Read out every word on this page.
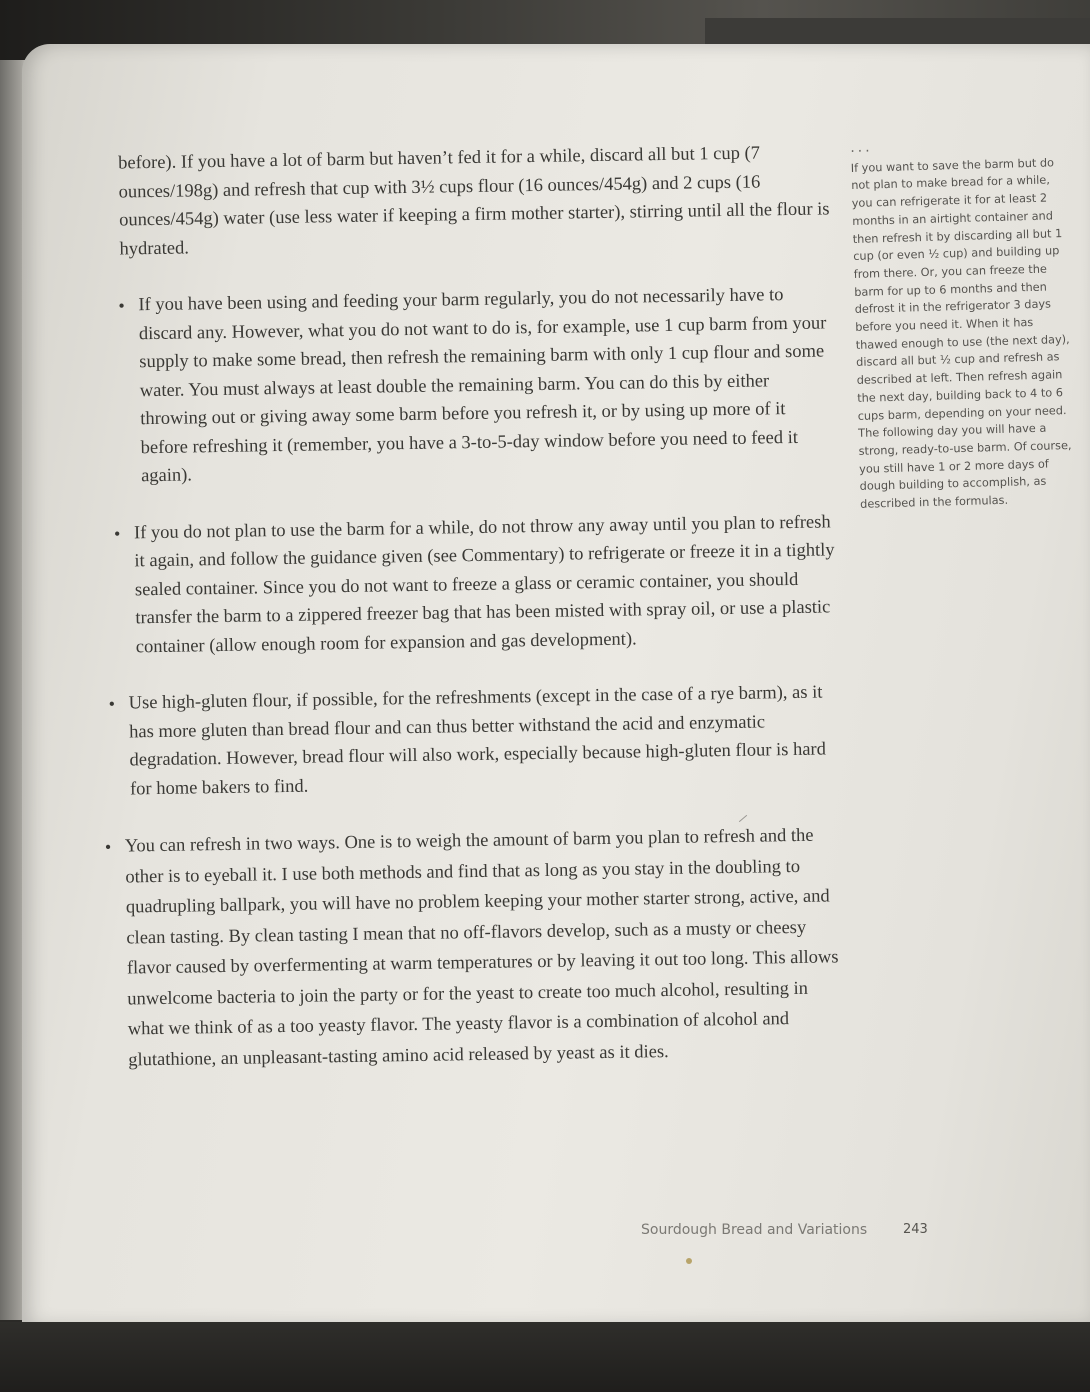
before). If you have a lot of barm but haven’t fed it for a while, discard all but 1 cup (7 ounces/198g) and refresh that cup with 3½ cups flour (16 ounces/454g) and 2 cups (16 ounces/454g) water (use less water if keeping a firm mother starter), stirring until all the flour is hydrated.

• If you have been using and feeding your barm regularly, you do not necessarily have to discard any. However, what you do not want to do is, for example, use 1 cup barm from your supply to make some bread, then refresh the remaining barm with only 1 cup flour and some water. You must always at least double the remaining barm. You can do this by either throwing out or giving away some barm before you refresh it, or by using up more of it before refreshing it (remember, you have a 3-to-5-day window before you need to feed it again).
• If you do not plan to use the barm for a while, do not throw any away until you plan to refresh it again, and follow the guidance given (see Commentary) to refrigerate or freeze it in a tightly sealed container. Since you do not want to freeze a glass or ceramic container, you should transfer the barm to a zippered freezer bag that has been misted with spray oil, or use a plastic container (allow enough room for expansion and gas development).
• Use high-gluten flour, if possible, for the refreshments (except in the case of a rye barm), as it has more gluten than bread flour and can thus better withstand the acid and enzymatic degradation. However, bread flour will also work, especially because high-gluten flour is hard for home bakers to find.
• You can refresh in two ways. One is to weigh the amount of barm you plan to refresh and the other is to eyeball it. I use both methods and find that as long as you stay in the doubling to quadrupling ballpark, you will have no problem keeping your mother starter strong, active, and clean tasting. By clean tasting I mean that no off-flavors develop, such as a musty or cheesy flavor caused by overfermenting at warm temperatures or by leaving it out too long. This allows unwelcome bacteria to join the party or for the yeast to create too much alcohol, resulting in what we think of as a too yeasty flavor. The yeasty flavor is a combination of alcohol and glutathione, an unpleasant-tasting amino acid released by yeast as it dies.

...

If you want to save the barm but do not plan to make bread for a while, you can refrigerate it for at least 2 months in an airtight container and then refresh it by discarding all but 1 cup (or even ½ cup) and building up from there. Or, you can freeze the barm for up to 6 months and then defrost it in the refrigerator 3 days before you need it. When it has thawed enough to use (the next day), discard all but ½ cup and refresh as described at left. Then refresh again the next day, building back to 4 to 6 cups barm, depending on your need. The following day you will have a strong, ready-to-use barm. Of course, you still have 1 or 2 more days of dough building to accomplish, as described in the formulas.

Sourdough Bread and Variations	243
